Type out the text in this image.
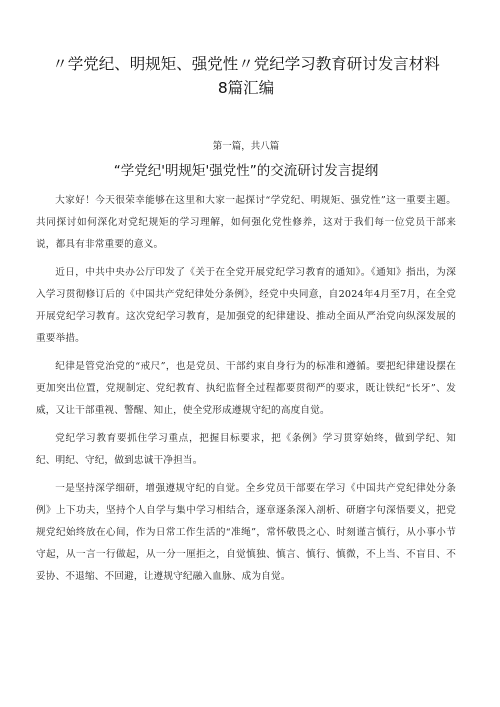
〃学党纪、明规矩、强党性〃党纪学习教育研讨发言材料
8篇汇编
第一篇，共八篇
“学党纪'明规矩'强党性”的交流研讨发言提纲

大家好！今天很荣幸能够在这里和大家一起探讨“学党纪、明规矩、强党性”这一重要主题。共同探讨如何深化对党纪规矩的学习理解，如何强化党性修养，这对于我们每一位党员干部来说，都具有非常重要的意义。

近日，中共中央办公厅印发了《关于在全党开展党纪学习教育的通知》。《通知》指出，为深入学习贯彻修订后的《中国共产党纪律处分条例》，经党中央同意，自2024年4月至7月，在全党开展党纪学习教育。这次党纪学习教育，是加强党的纪律建设、推动全面从严治党向纵深发展的重要举措。

纪律是管党治党的“戒尺”，也是党员、干部约束自身行为的标准和遵循。要把纪律建设摆在更加突出位置，党规制定、党纪教育、执纪监督全过程都要贯彻严的要求，既让铁纪“长牙”、发威，又让干部重视、警醒、知止，使全党形成遵规守纪的高度自觉。

党纪学习教育要抓住学习重点，把握目标要求，把《条例》学习贯穿始终，做到学纪、知纪、明纪、守纪，做到忠诚干净担当。

一是坚持深学细研，增强遵规守纪的自觉。全乡党员干部要在学习《中国共产党纪律处分条例》上下功夫，坚持个人自学与集中学习相结合，逐章逐条深入剖析、研磨字句深悟要义，把党规党纪始终放在心间，作为日常工作生活的“准绳”，常怀敬畏之心、时刻谨言慎行，从小事小节守起，从一言一行做起，从一分一厘拒之，自觉慎独、慎言、慎行、慎微，不上当、不盲目、不妥协、不退缩、不回避，让遵规守纪融入血脉、成为自觉。
